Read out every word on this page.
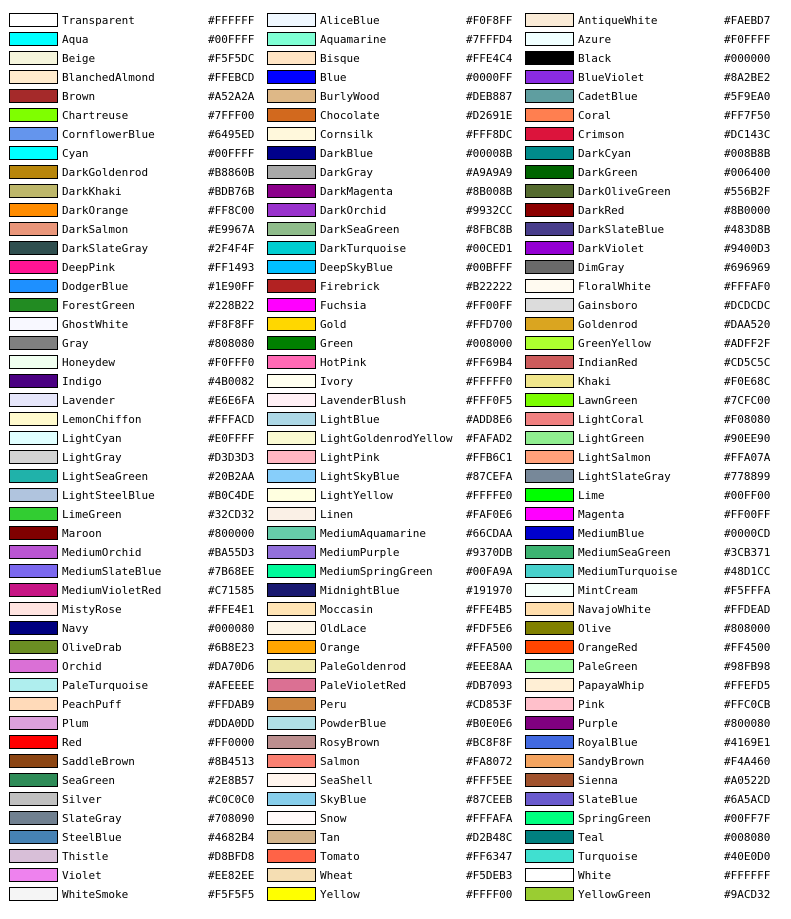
Transparent	#FFFFFF
Aqua	#00FFFF
Beige	#F5F5DC
BlanchedAlmond	#FFEBCD
Brown	#A52A2A
Chartreuse	#7FFF00
CornflowerBlue	#6495ED
Cyan	#00FFFF
DarkGoldenrod	#B8860B
DarkKhaki	#BDB76B
DarkOrange	#FF8C00
DarkSalmon	#E9967A
DarkSlateGray	#2F4F4F
DeepPink	#FF1493
DodgerBlue	#1E90FF
ForestGreen	#228B22
GhostWhite	#F8F8FF
Gray	#808080
Honeydew	#F0FFF0
Indigo	#4B0082
Lavender	#E6E6FA
LemonChiffon	#FFFACD
LightCyan	#E0FFFF
LightGray	#D3D3D3
LightSeaGreen	#20B2AA
LightSteelBlue	#B0C4DE
LimeGreen	#32CD32
Maroon	#800000
MediumOrchid	#BA55D3
MediumSlateBlue	#7B68EE
MediumVioletRed	#C71585
MistyRose	#FFE4E1
Navy	#000080
OliveDrab	#6B8E23
Orchid	#DA70D6
PaleTurquoise	#AFEEEE
PeachPuff	#FFDAB9
Plum	#DDA0DD
Red	#FF0000
SaddleBrown	#8B4513
SeaGreen	#2E8B57
Silver	#C0C0C0
SlateGray	#708090
SteelBlue	#4682B4
Thistle	#D8BFD8
Violet	#EE82EE
WhiteSmoke	#F5F5F5
AliceBlue	#F0F8FF
Aquamarine	#7FFFD4
Bisque	#FFE4C4
Blue	#0000FF
BurlyWood	#DEB887
Chocolate	#D2691E
Cornsilk	#FFF8DC
DarkBlue	#00008B
DarkGray	#A9A9A9
DarkMagenta	#8B008B
DarkOrchid	#9932CC
DarkSeaGreen	#8FBC8B
DarkTurquoise	#00CED1
DeepSkyBlue	#00BFFF
Firebrick	#B22222
Fuchsia	#FF00FF
Gold	#FFD700
Green	#008000
HotPink	#FF69B4
Ivory	#FFFFF0
LavenderBlush	#FFF0F5
LightBlue	#ADD8E6
LightGoldenrodYellow #FAFAD2
LightPink	#FFB6C1
LightSkyBlue	#87CEFA
LightYellow	#FFFFE0
Linen	#FAF0E6
MediumAquamarine	#66CDAA
MediumPurple	#9370DB
MediumSpringGreen	#00FA9A
MidnightBlue	#191970
Moccasin	#FFE4B5
OldLace	#FDF5E6
Orange	#FFA500
PaleGoldenrod	#EEE8AA
PaleVioletRed	#DB7093
Peru	#CD853F
PowderBlue	#B0E0E6
RosyBrown	#BC8F8F
Salmon	#FA8072
SeaShell	#FFF5EE
SkyBlue	#87CEEB
Snow	#FFFAFA
Tan	#D2B48C
Tomato	#FF6347
Wheat	#F5DEB3
Yellow	#FFFF00
AntiqueWhite	#FAEBD7
Azure	#F0FFFF
Black	#000000
BlueViolet	#8A2BE2
CadetBlue	#5F9EA0
Coral	#FF7F50
Crimson	#DC143C
DarkCyan	#008B8B
DarkGreen	#006400
DarkOliveGreen	#556B2F
DarkRed	#8B0000
DarkSlateBlue	#483D8B
DarkViolet	#9400D3
DimGray	#696969
FloralWhite	#FFFAF0
Gainsboro	#DCDCDC
Goldenrod	#DAA520
GreenYellow	#ADFF2F
IndianRed	#CD5C5C
Khaki	#F0E68C
LawnGreen	#7CFC00
LightCoral	#F08080
LightGreen	#90EE90
LightSalmon	#FFA07A
LightSlateGray	#778899
Lime	#00FF00
Magenta	#FF00FF
MediumBlue	#0000CD
MediumSeaGreen	#3CB371
MediumTurquoise	#48D1CC
MintCream	#F5FFFA
NavajoWhite	#FFDEAD
Olive	#808000
OrangeRed	#FF4500
PaleGreen	#98FB98
PapayaWhip	#FFEFD5
Pink	#FFC0CB
Purple	#800080
RoyalBlue	#4169E1
SandyBrown	#F4A460
Sienna	#A0522D
SlateBlue	#6A5ACD
SpringGreen	#00FF7F
Teal	#008080
Turquoise	#40E0D0
White	#FFFFFF
YellowGreen	#9ACD32
